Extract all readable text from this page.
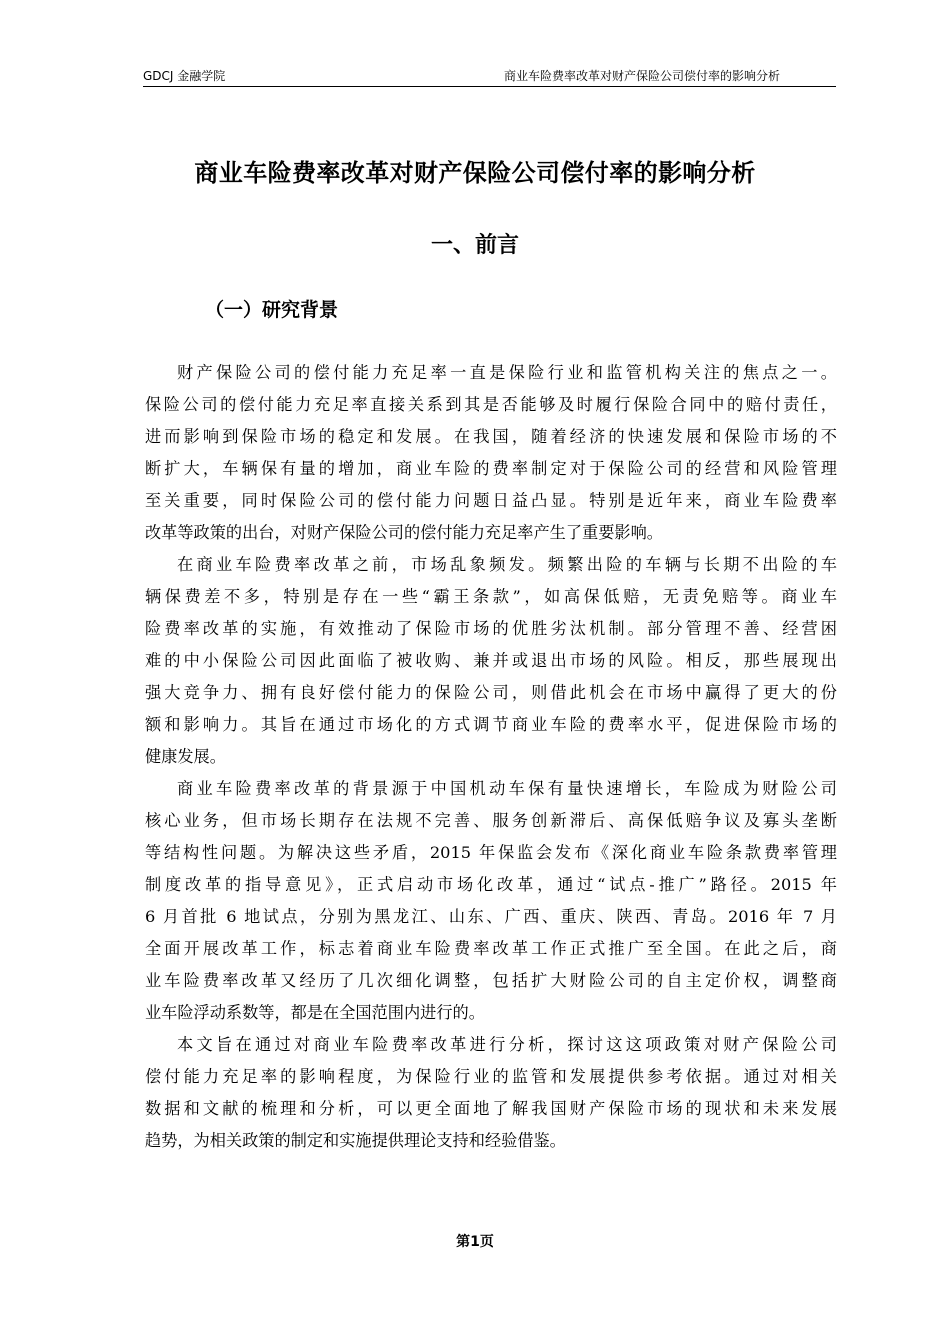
GDCJ 金融学院	商业车险费率改革对财产保险公司偿付率的影响分析
商业车险费率改革对财产保险公司偿付率的影响分析
一、前言
（一）研究背景
财产保险公司的偿付能力充足率一直是保险行业和监管机构关注的焦点之一。
保险公司的偿付能力充足率直接关系到其是否能够及时履行保险合同中的赔付责任，
进而影响到保险市场的稳定和发展。在我国，随着经济的快速发展和保险市场的不
断扩大，车辆保有量的增加，商业车险的费率制定对于保险公司的经营和风险管理
至关重要，同时保险公司的偿付能力问题日益凸显。特别是近年来，商业车险费率
改革等政策的出台，对财产保险公司的偿付能力充足率产生了重要影响。
在商业车险费率改革之前，市场乱象频发。频繁出险的车辆与长期不出险的车
辆保费差不多，特别是存在一些“霸王条款”，如高保低赔，无责免赔等。商业车
险费率改革的实施，有效推动了保险市场的优胜劣汰机制。部分管理不善、经营困
难的中小保险公司因此面临了被收购、兼并或退出市场的风险。相反，那些展现出
强大竞争力、拥有良好偿付能力的保险公司，则借此机会在市场中赢得了更大的份
额和影响力。其旨在通过市场化的方式调节商业车险的费率水平，促进保险市场的
健康发展。
商业车险费率改革的背景源于中国机动车保有量快速增长，车险成为财险公司
核心业务，但市场长期存在法规不完善、服务创新滞后、高保低赔争议及寡头垄断
等结构性问题。为解决这些矛盾，2015 年保监会发布《深化商业车险条款费率管理
制度改革的指导意见》，正式启动市场化改革，通过“试点-推广”路径。2015 年
6 月首批 6 地试点，分别为黑龙江、山东、广西、重庆、陕西、青岛。2016 年 7 月
全面开展改革工作，标志着商业车险费率改革工作正式推广至全国。在此之后，商
业车险费率改革又经历了几次细化调整，包括扩大财险公司的自主定价权，调整商
业车险浮动系数等，都是在全国范围内进行的。
本文旨在通过对商业车险费率改革进行分析，探讨这这项政策对财产保险公司
偿付能力充足率的影响程度，为保险行业的监管和发展提供参考依据。通过对相关
数据和文献的梳理和分析，可以更全面地了解我国财产保险市场的现状和未来发展
趋势，为相关政策的制定和实施提供理论支持和经验借鉴。
第1页
